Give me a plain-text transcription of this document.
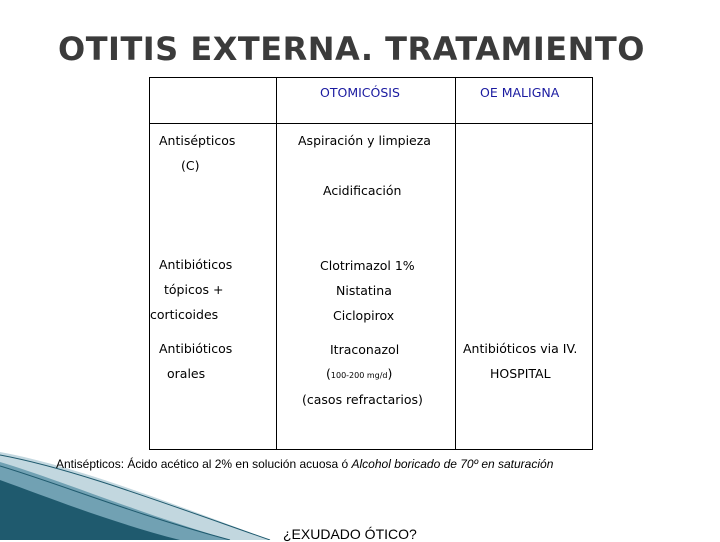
OTITIS EXTERNA. TRATAMIENTO
OTOMICÓSIS	OE MALIGNA
Antisépticos
(C)
Aspiración y limpieza
Acidificación
Antibióticos
tópicos +
corticoides
Clotrimazol 1%
Nistatina
Ciclopirox
Antibióticos
orales
Itraconazol
(100-200 mg/d)
(casos refractarios)
Antibióticos via IV.
HOSPITAL
Antisépticos: Ácido acético al 2% en solución acuosa ó Alcohol boricado de 70º en saturación
¿EXUDADO ÓTICO?
